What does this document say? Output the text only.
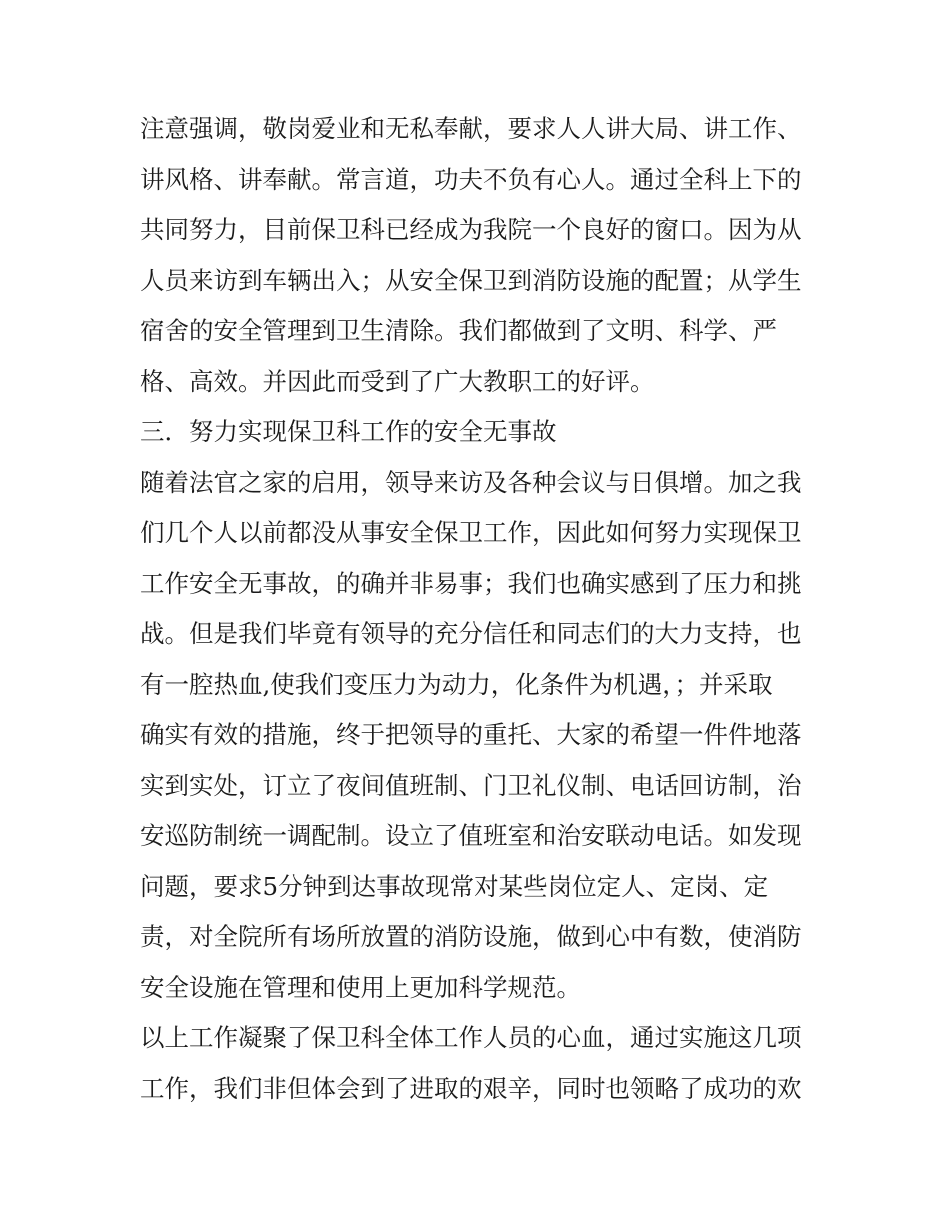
注意强调，敬岗爱业和无私奉献，要求人人讲大局、讲工作、
讲风格、讲奉献。常言道，功夫不负有心人。通过全科上下的
共同努力，目前保卫科已经成为我院一个良好的窗口。因为从
人员来访到车辆出入；从安全保卫到消防设施的配置；从学生
宿舍的安全管理到卫生清除。我们都做到了文明、科学、严
格、高效。并因此而受到了广大教职工的好评。
三．努力实现保卫科工作的安全无事故
随着法官之家的启用，领导来访及各种会议与日俱增。加之我
们几个人以前都没从事安全保卫工作，因此如何努力实现保卫
工作安全无事故，的确并非易事；我们也确实感到了压力和挑
战。但是我们毕竟有领导的充分信任和同志们的大力支持，也
有一腔热血,使我们变压力为动力，化条件为机遇，；并采取
确实有效的措施，终于把领导的重托、大家的希望一件件地落
实到实处，订立了夜间值班制、门卫礼仪制、电话回访制，治
安巡防制统一调配制。设立了值班室和治安联动电话。如发现
问题，要求5分钟到达事故现常对某些岗位定人、定岗、定
责，对全院所有场所放置的消防设施，做到心中有数，使消防
安全设施在管理和使用上更加科学规范。
以上工作凝聚了保卫科全体工作人员的心血，通过实施这几项
工作，我们非但体会到了进取的艰辛，同时也领略了成功的欢
